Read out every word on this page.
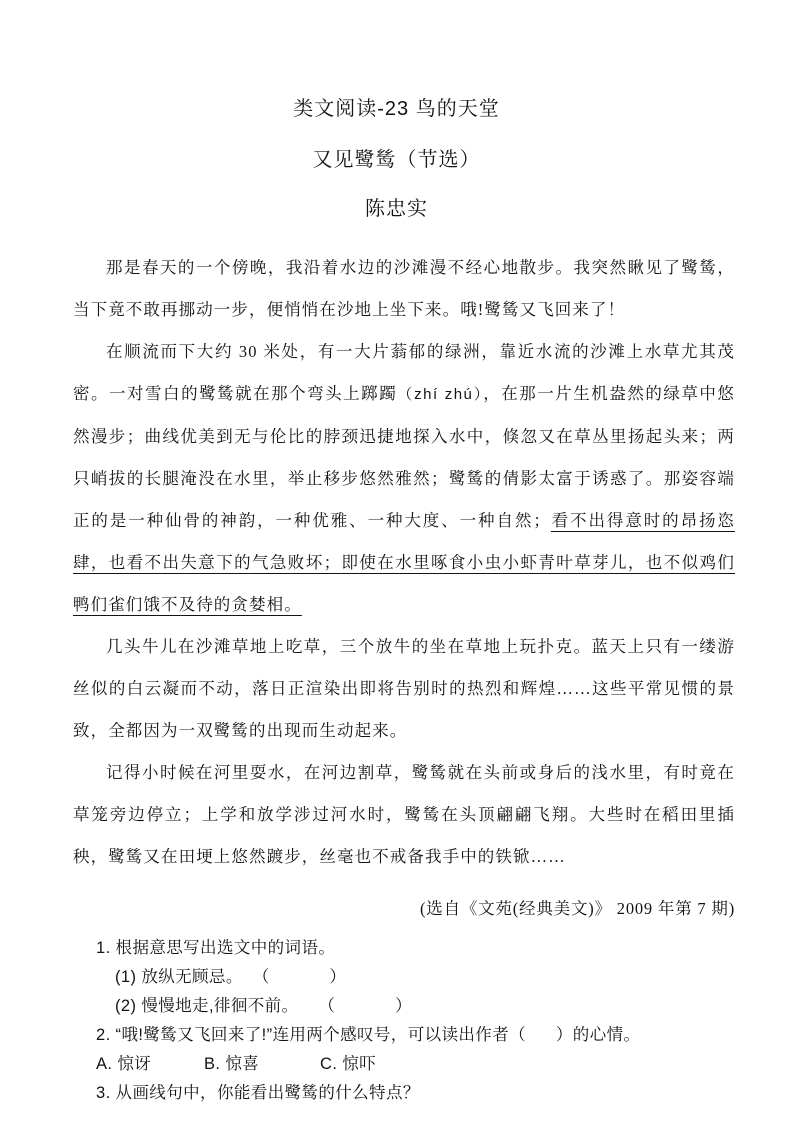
类文阅读-23 鸟的天堂
又见鹭鸶（节选）
陈忠实

那是春天的一个傍晚，我沿着水边的沙滩漫不经心地散步。我突然瞅见了鹭鸶，当下竟不敢再挪动一步，便悄悄在沙地上坐下来。哦!鹭鸶又飞回来了！

在顺流而下大约 30 米处，有一大片蓊郁的绿洲，靠近水流的沙滩上水草尤其茂密。一对雪白的鹭鸶就在那个弯头上踯躅（zhí zhú），在那一片生机盎然的绿草中悠然漫步；曲线优美到无与伦比的脖颈迅捷地探入水中，倏忽又在草丛里扬起头来；两只峭拔的长腿淹没在水里，举止移步悠然雅然；鹭鸶的倩影太富于诱惑了。那姿容端正的是一种仙骨的神韵，一种优雅、一种大度、一种自然；看不出得意时的昂扬恣肆，也看不出失意下的气急败坏；即使在水里啄食小虫小虾青叶草芽儿，也不似鸡们鸭们雀们饿不及待的贪婪相。

几头牛儿在沙滩草地上吃草，三个放牛的坐在草地上玩扑克。蓝天上只有一缕游丝似的白云凝而不动，落日正渲染出即将告别时的热烈和辉煌……这些平常见惯的景致，全都因为一双鹭鸶的出现而生动起来。

记得小时候在河里耍水，在河边割草，鹭鸶就在头前或身后的浅水里，有时竟在草笼旁边停立；上学和放学涉过河水时，鹭鸶在头顶翩翩飞翔。大些时在稻田里插秧，鹭鸶又在田埂上悠然踱步，丝毫也不戒备我手中的铁锨……

(选自《文苑(经典美文)》 2009 年第 7 期)

1. 根据意思写出选文中的词语。

(1) 放纵无顾忌。  （            ）

(2) 慢慢地走,徘徊不前。    （            ）

2. “哦!鹭鸶又飞回来了!”连用两个感叹号，可以读出作者（      ）的心情。

A. 惊讶	B. 惊喜	C. 惊吓

3. 从画线句中，你能看出鹭鸶的什么特点？
